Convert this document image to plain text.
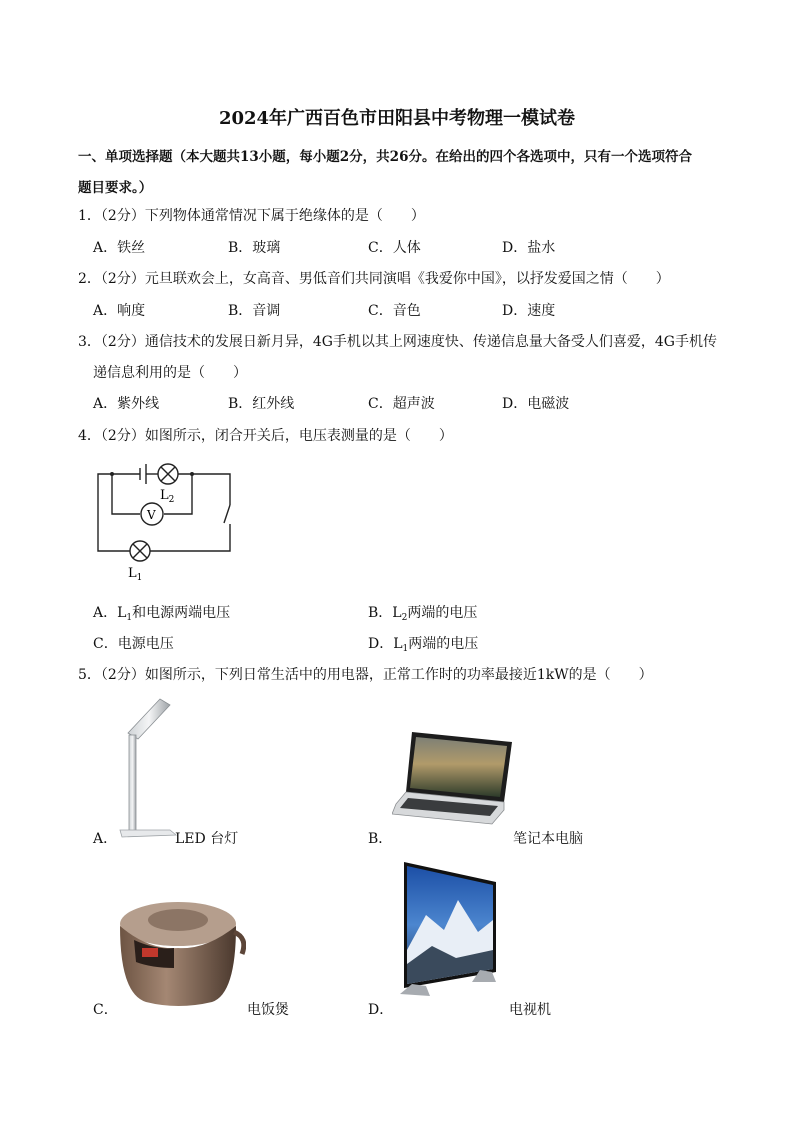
2024年广西百色市田阳县中考物理一模试卷
一、单项选择题（本大题共13小题，每小题2分，共26分。在给出的四个各选项中，只有一个选项符合
题目要求。）
1．（2分）下列物体通常情况下属于绝缘体的是（　　）
A．铁丝	B．玻璃	C．人体	D．盐水
2．（2分）元旦联欢会上，女高音、男低音们共同演唱《我爱你中国》，以抒发爱国之情（　　）
A．响度	B．音调	C．音色	D．速度
3．（2分）通信技术的发展日新月异，4G手机以其上网速度快、传递信息量大备受人们喜爱，4G手机传
递信息利用的是（　　）
A．紫外线	B．红外线	C．超声波	D．电磁波
4．（2分）如图所示，闭合开关后，电压表测量的是（　　）
$L_2$
V
$L_1$
A．$L_1$和电源两端电压	B．$L_2$两端的电压
C．电源电压	D．$L_1$两端的电压
5．（2分）如图所示，下列日常生活中的用电器，正常工作时的功率最接近1kW的是（　　）
A．	LED 台灯	B．	笔记本电脑
C．	电饭煲	D．	电视机
